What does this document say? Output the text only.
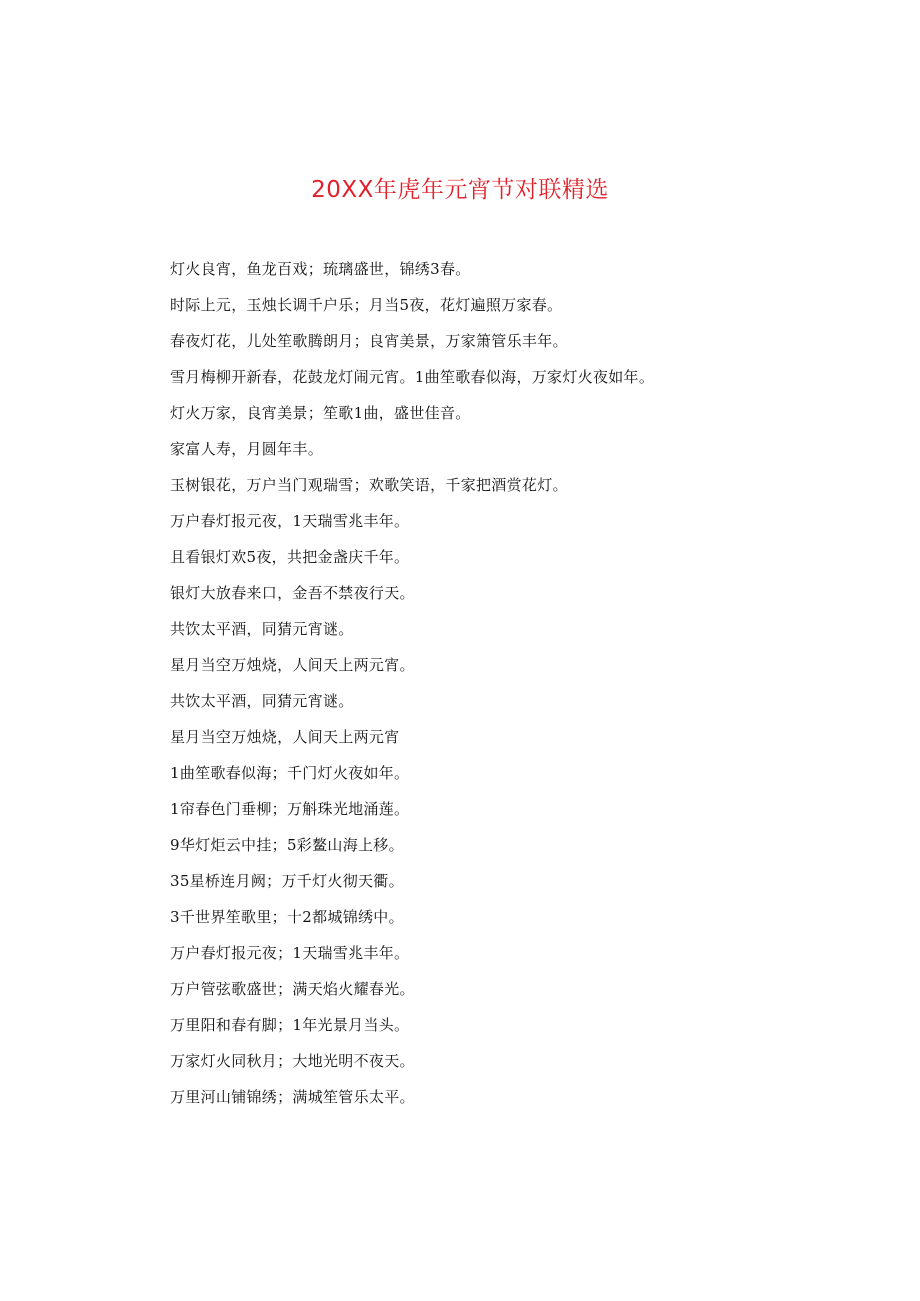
20XX年虎年元宵节对联精选
灯火良宵，鱼龙百戏；琉璃盛世，锦绣3春。
时际上元，玉烛长调千户乐；月当5夜，花灯遍照万家春。
春夜灯花，儿处笙歌腾朗月；良宵美景，万家箫管乐丰年。
雪月梅柳开新春，花鼓龙灯闹元宵。1曲笙歌春似海，万家灯火夜如年。
灯火万家，良宵美景；笙歌1曲，盛世佳音。
家富人寿，月圆年丰。
玉树银花，万户当门观瑞雪；欢歌笑语，千家把酒赏花灯。
万户春灯报元夜，1天瑞雪兆丰年。
且看银灯欢5夜，共把金盏庆千年。
银灯大放春来口，金吾不禁夜行天。
共饮太平酒，同猜元宵谜。
星月当空万烛烧，人间天上两元宵。
共饮太平酒，同猜元宵谜。
星月当空万烛烧，人间天上两元宵
1曲笙歌春似海；千门灯火夜如年。
1帘春色门垂柳；万斛珠光地涌莲。
9华灯炬云中挂；5彩鳌山海上移。
35星桥连月阙；万千灯火彻天衢。
3千世界笙歌里；十2都城锦绣中。
万户春灯报元夜；1天瑞雪兆丰年。
万户管弦歌盛世；满天焰火耀春光。
万里阳和春有脚；1年光景月当头。
万家灯火同秋月；大地光明不夜天。
万里河山铺锦绣；满城笙管乐太平。
